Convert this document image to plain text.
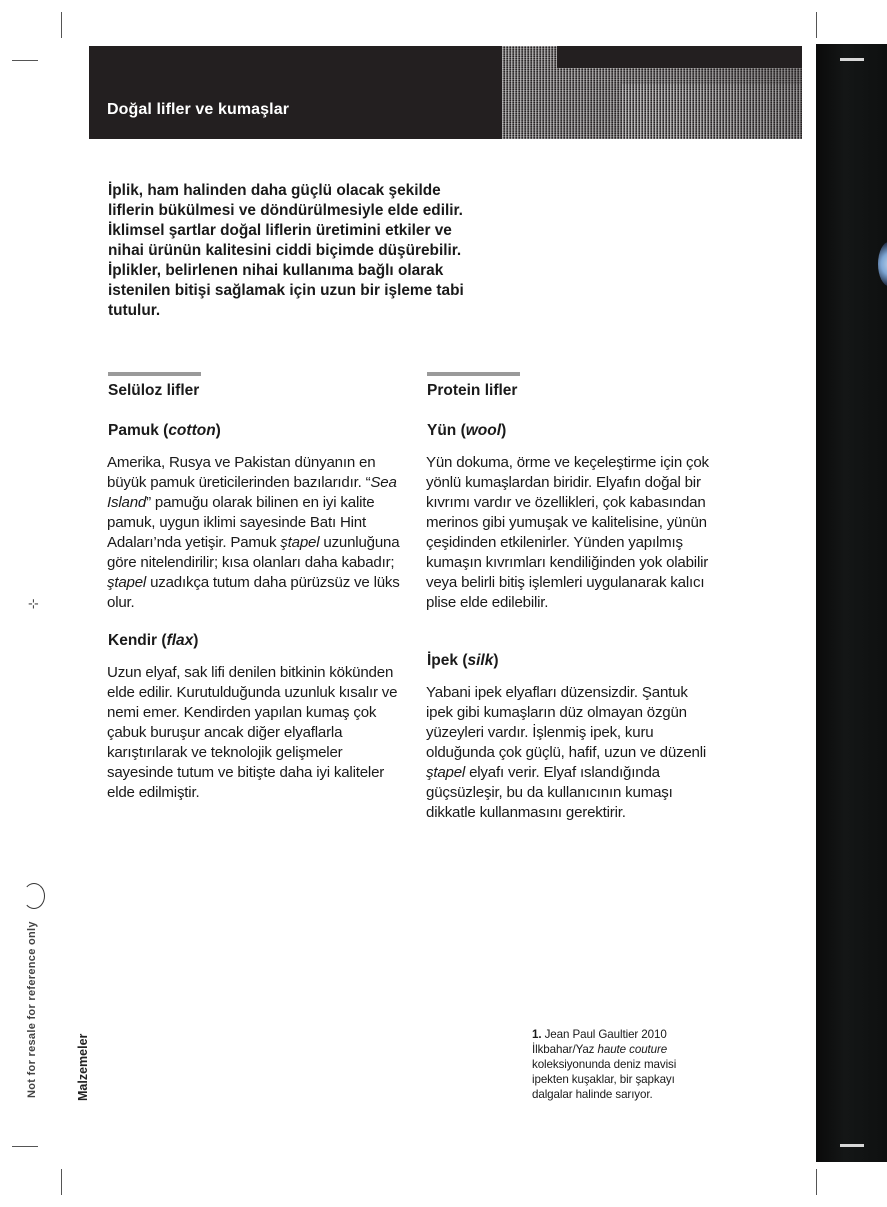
Doğal lifler ve kumaşlar

İplik, ham halinden daha güçlü olacak şekilde liflerin bükülmesi ve döndürülmesiyle elde edilir. İklimsel şartlar doğal liflerin üretimini etkiler ve nihai ürünün kalitesini ciddi biçimde düşürebilir. İplikler, belirlenen nihai kullanıma bağlı olarak istenilen bitişi sağlamak için uzun bir işleme tabi tutulur.

Selüloz lifler
Pamuk (cotton)

Amerika, Rusya ve Pakistan dünyanın en büyük pamuk üreticilerinden bazılarıdır. “Sea Island” pamuğu olarak bilinen en iyi kalite pamuk, uygun iklimi sayesinde Batı Hint Adaları’nda yetişir. Pamuk ştapel uzunluğuna göre nitelendirilir; kısa olanları daha kabadır; ştapel uzadıkça tutum daha pürüzsüz ve lüks olur.

Kendir (flax)

Uzun elyaf, sak lifi denilen bitkinin kökünden elde edilir. Kurutulduğunda uzunluk kısalır ve nemi emer. Kendirden yapılan kumaş çok çabuk buruşur ancak diğer elyaflarla karıştırılarak ve teknolojik gelişmeler sayesinde tutum ve bitişte daha iyi kaliteler elde edilmiştir.

Protein lifler
Yün (wool)

Yün dokuma, örme ve keçeleştirme için çok yönlü kumaşlardan biridir. Elyafın doğal bir kıvrımı vardır ve özellikleri, çok kabasından merinos gibi yumuşak ve kalitelisine, yünün çeşidinden etkilenirler. Yünden yapılmış kumaşın kıvrımları kendiliğinden yok olabilir veya belirli bitiş işlemleri uygulanarak kalıcı plise elde edilebilir.

İpek (silk)

Yabani ipek elyafları düzensizdir. Şantuk ipek gibi kumaşların düz olmayan özgün yüzeyleri vardır. İşlenmiş ipek, kuru olduğunda çok güçlü, hafif, uzun ve düzenli ştapel elyafı verir. Elyaf ıslandığında güçsüzleşir, bu da kullanıcının kumaşı dikkatle kullanmasını gerektirir.

1. Jean Paul Gaultier 2010 İlkbahar/Yaz haute couture koleksiyonunda deniz mavisi ipekten kuşaklar, bir şapkayı dalgalar halinde sarıyor.

Malzemeler
Not for resale for reference only
⊹
